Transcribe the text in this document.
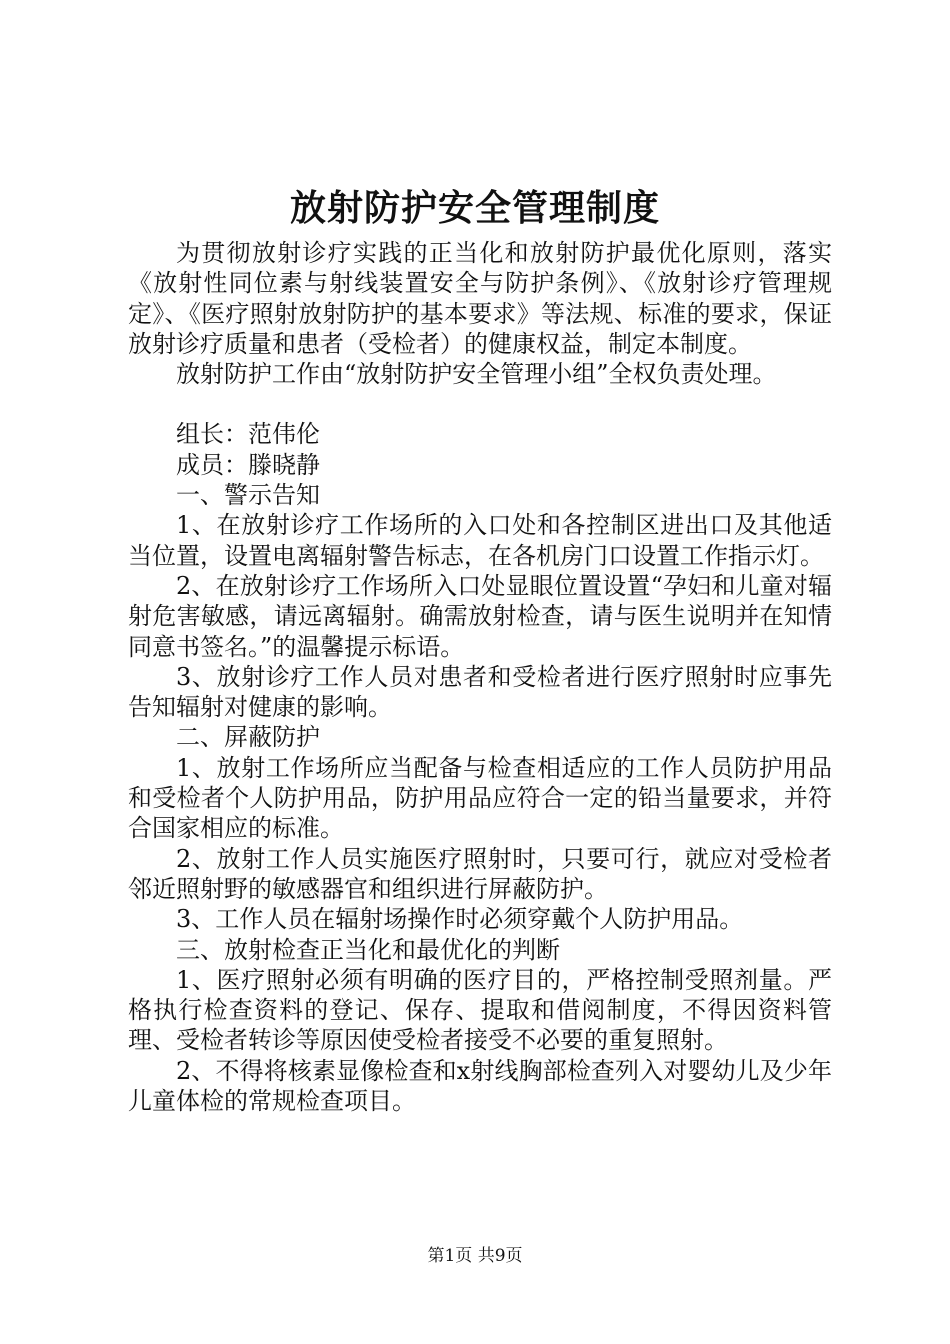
放射防护安全管理制度

为贯彻放射诊疗实践的正当化和放射防护最优化原则，落实《放射性同位素与射线装置安全与防护条例》、《放射诊疗管理规定》、《医疗照射放射防护的基本要求》等法规、标准的要求，保证放射诊疗质量和患者（受检者）的健康权益，制定本制度。

放射防护工作由“放射防护安全管理小组”全权负责处理。

组长：范伟伦

成员：滕晓静

一、警示告知

1、在放射诊疗工作场所的入口处和各控制区进出口及其他适当位置，设置电离辐射警告标志，在各机房门口设置工作指示灯。

2、在放射诊疗工作场所入口处显眼位置设置“孕妇和儿童对辐射危害敏感，请远离辐射。确需放射检查，请与医生说明并在知情同意书签名。”的温馨提示标语。

3、放射诊疗工作人员对患者和受检者进行医疗照射时应事先告知辐射对健康的影响。

二、屏蔽防护

1、放射工作场所应当配备与检查相适应的工作人员防护用品和受检者个人防护用品，防护用品应符合一定的铅当量要求，并符合国家相应的标准。

2、放射工作人员实施医疗照射时，只要可行，就应对受检者邻近照射野的敏感器官和组织进行屏蔽防护。

3、工作人员在辐射场操作时必须穿戴个人防护用品。

三、放射检查正当化和最优化的判断

1、医疗照射必须有明确的医疗目的，严格控制受照剂量。严格执行检查资料的登记、保存、提取和借阅制度，不得因资料管理、受检者转诊等原因使受检者接受不必要的重复照射。

2、不得将核素显像检查和x射线胸部检查列入对婴幼儿及少年儿童体检的常规检查项目。

第1页 共9页
